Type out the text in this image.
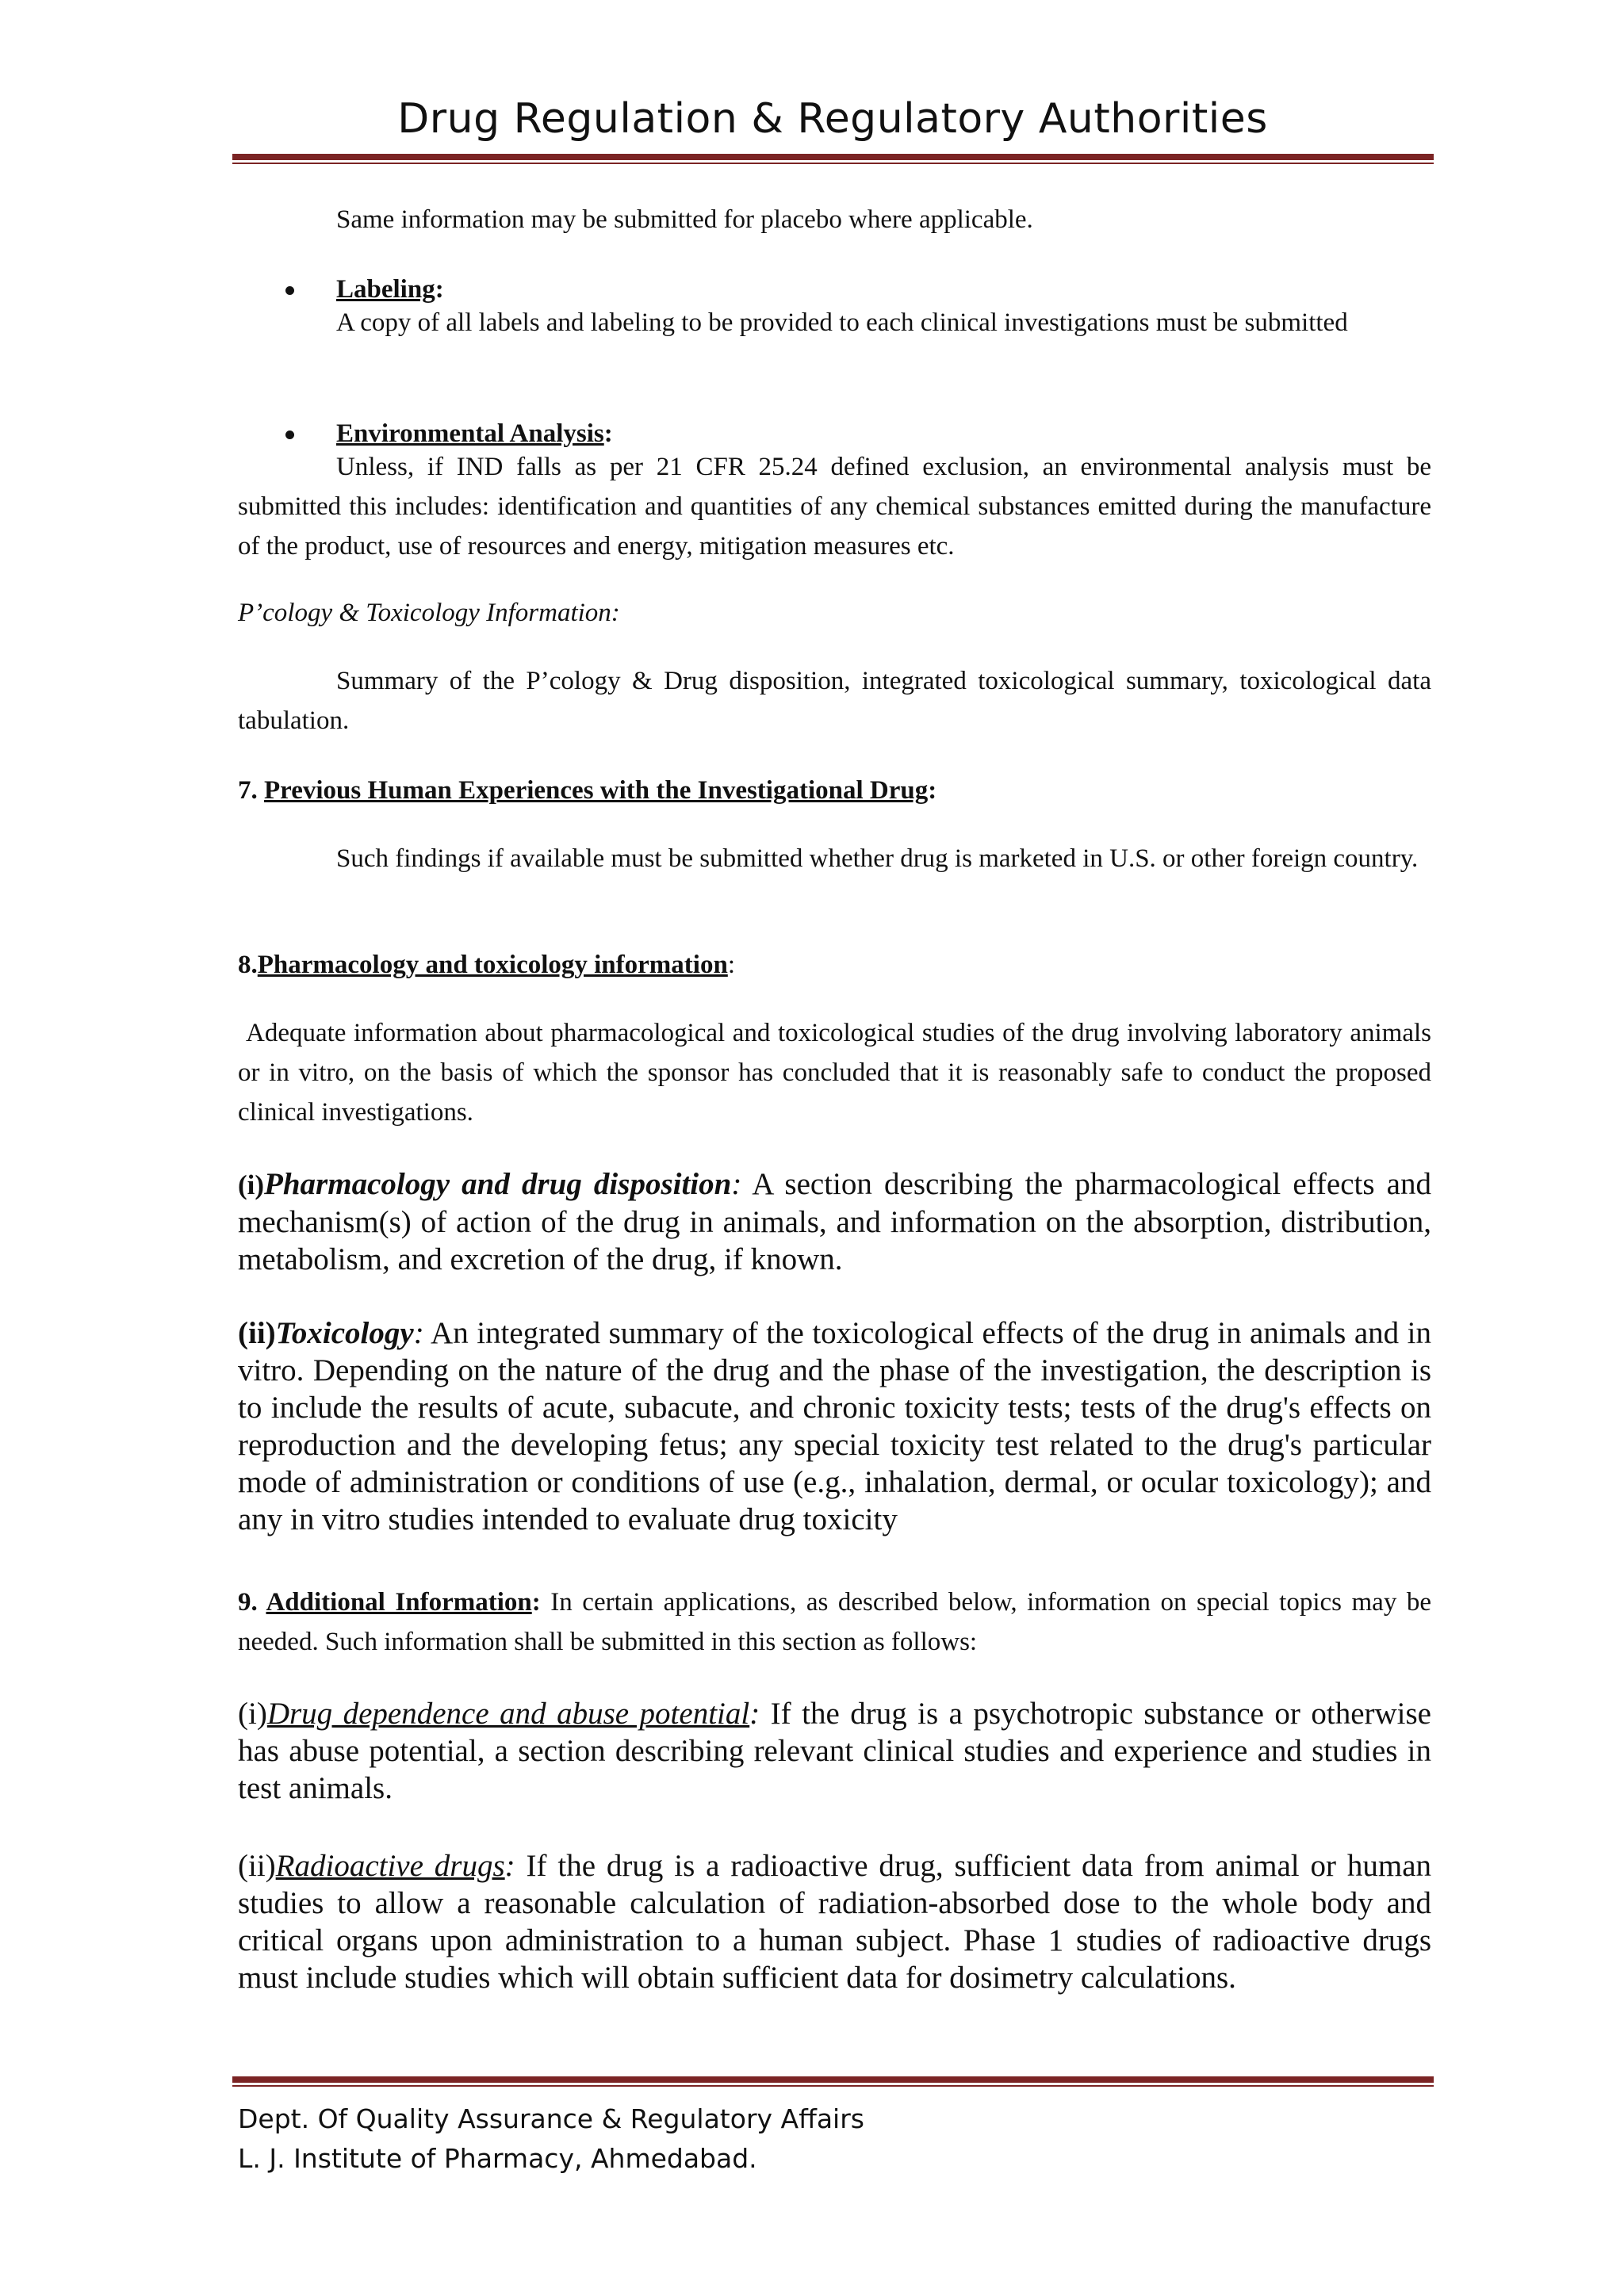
Drug Regulation & Regulatory Authorities

Same information may be submitted for placebo where applicable.

Labeling:

A copy of all labels and labeling to be provided to each clinical investigations must be submitted

Environmental Analysis:

Unless, if IND falls as per 21 CFR 25.24 defined exclusion, an environmental analysis must be submitted this includes: identification and quantities of any chemical substances emitted during the manufacture of the product, use of resources and energy, mitigation measures etc.

P’cology & Toxicology Information:

Summary of the P’cology & Drug disposition, integrated toxicological summary, toxicological data tabulation.

7. Previous Human Experiences with the Investigational Drug:

Such findings if available must be submitted whether drug is marketed in U.S. or other foreign country.

8.Pharmacology and toxicology information:

Adequate information about pharmacological and toxicological studies of the drug involving laboratory animals or in vitro, on the basis of which the sponsor has concluded that it is reasonably safe to conduct the proposed clinical investigations.

(i)Pharmacology and drug disposition: A section describing the pharmacological effects and mechanism(s) of action of the drug in animals, and information on the absorption, distribution, metabolism, and excretion of the drug, if known.

(ii)Toxicology: An integrated summary of the toxicological effects of the drug in animals and in vitro. Depending on the nature of the drug and the phase of the investigation, the description is to include the results of acute, subacute, and chronic toxicity tests; tests of the drug's effects on reproduction and the developing fetus; any special toxicity test related to the drug's particular mode of administration or conditions of use (e.g., inhalation, dermal, or ocular toxicology); and any in vitro studies intended to evaluate drug toxicity

9. Additional Information: In certain applications, as described below, information on special topics may be needed. Such information shall be submitted in this section as follows:

(i)Drug dependence and abuse potential: If the drug is a psychotropic substance or otherwise has abuse potential, a section describing relevant clinical studies and experience and studies in test animals.

(ii)Radioactive drugs: If the drug is a radioactive drug, sufficient data from animal or human studies to allow a reasonable calculation of radiation-absorbed dose to the whole body and critical organs upon administration to a human subject. Phase 1 studies of radioactive drugs must include studies which will obtain sufficient data for dosimetry calculations.

Dept. Of Quality Assurance & Regulatory Affairs
L. J. Institute of Pharmacy, Ahmedabad.
